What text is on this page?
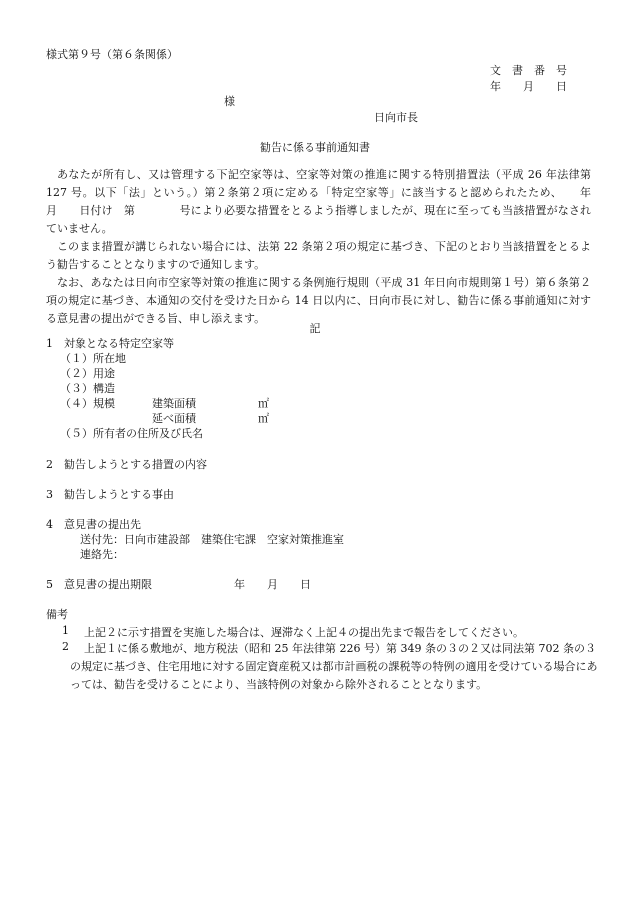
様式第９号（第６条関係）
文　書　番　号
年　　月　　日
様
日向市長
勧告に係る事前通知書
あなたが所有し、又は管理する下記空家等は、空家等対策の推進に関する特別措置法（平成 26 年法律第 127 号。以下「法」という。）第２条第２項に定める「特定空家等」に該当すると認められたため、　　年　　月　　日付け　第　　　　号により必要な措置をとるよう指導しましたが、現在に至っても当該措置がなされていません。
このまま措置が講じられない場合には、法第 22 条第２項の規定に基づき、下記のとおり当該措置をとるよう勧告することとなりますので通知します。
なお、あなたは日向市空家等対策の推進に関する条例施行規則（平成 31 年日向市規則第１号）第６条第２項の規定に基づき、本通知の交付を受けた日から 14 日以内に、日向市長に対し、勧告に係る事前通知に対する意見書の提出ができる旨、申し添えます。
記
1　対象となる特定空家等
（１）所在地
（２）用途
（３）構造
（４）規模	建築面積	㎡
延べ面積	㎡
（５）所有者の住所及び氏名
2　勧告しようとする措置の内容
3　勧告しようとする事由
4　意見書の提出先
送付先：日向市建設部　建築住宅課　空家対策推進室
連絡先：
5　意見書の提出期限	年　　月　　日
備考
1 上記２に示す措置を実施した場合は、遅滞なく上記４の提出先まで報告をしてください。
2	上記１に係る敷地が、地方税法（昭和 25 年法律第 226 号）第 349 条の３の２又は同法第 702 条の３の規定に基づき、住宅用地に対する固定資産税又は都市計画税の課税等の特例の適用を受けている場合にあっては、勧告を受けることにより、当該特例の対象から除外されることとなります。
